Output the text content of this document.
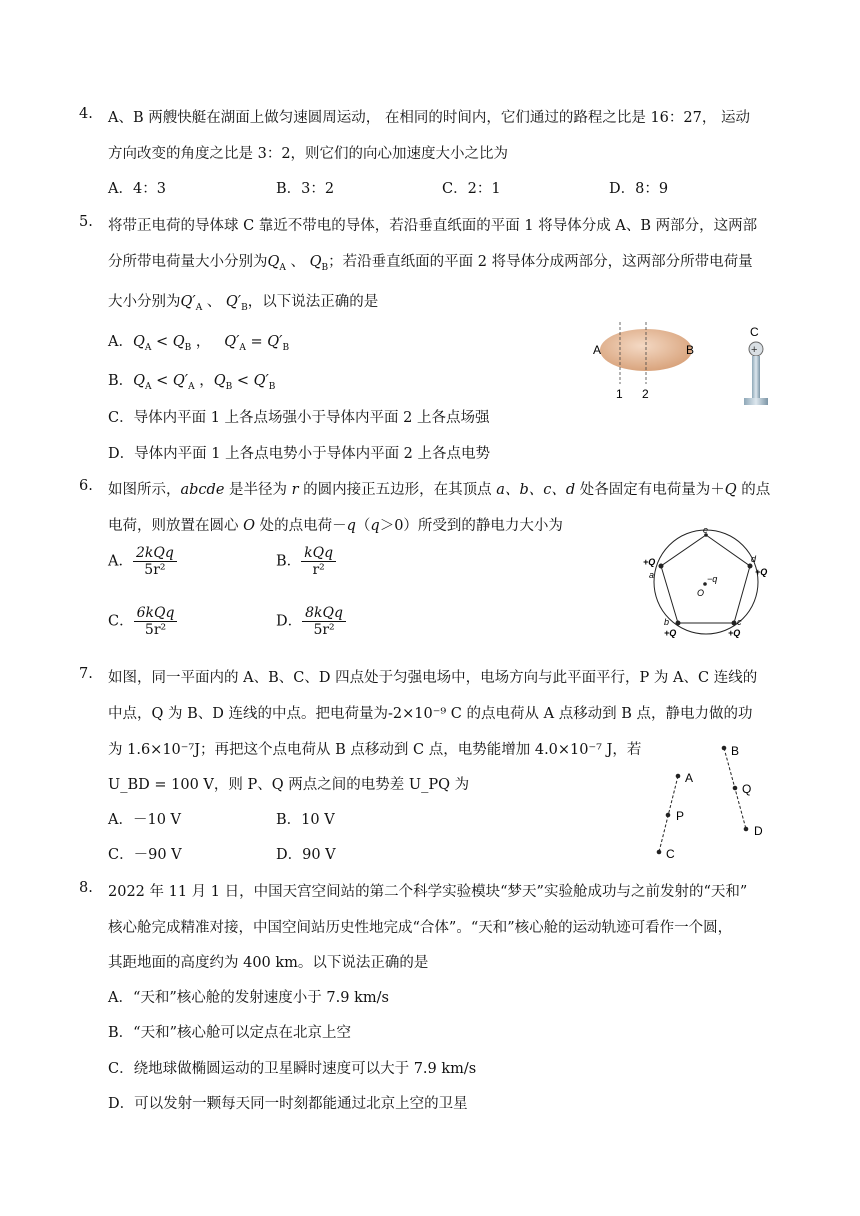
4. A、B 两艘快艇在湖面上做匀速圆周运动， 在相同的时间内，它们通过的路程之比是 16：27， 运动
方向改变的角度之比是 3：2，则它们的向心加速度大小之比为
A．4：3	B．3：2	C．2：1	D．8：9
5. 将带正电荷的导体球 C 靠近不带电的导体，若沿垂直纸面的平面 1 将导体分成 A、B 两部分，这两部
分所带电荷量大小分别为$Q_A$ 、 $Q_B$；若沿垂直纸面的平面 2 将导体分成两部分，这两部分所带电荷量
大小分别为$Q'_A$ 、 $Q'_B$，以下说法正确的是
A．$Q_A < Q_B$ ，   $Q'_A = Q'_B$
B．$Q_A < Q'_A$ ，$Q_B < Q'_B$
C．导体内平面 1 上各点场强小于导体内平面 2 上各点场强
D．导体内平面 1 上各点电势小于导体内平面 2 上各点电势
A	B
1 2
C
+
6. 如图所示，abcde 是半径为 r 的圆内接正五边形，在其顶点 a、b、c、d 处各固定有电荷量为＋Q 的点
电荷，则放置在圆心 O 处的点电荷－q（q＞0）所受到的静电力大小为
A． $\frac{\text{2kQq}}{\text{5r²}}$	B． $\frac{\text{kQq}}{\text{r²}}$
C． $\frac{\text{6kQq}}{\text{5r²}}$	D． $\frac{\text{8kQq}}{\text{5r²}}$
e
d
+Q
+Q
a
b
+Q
c
+Q
−q
O
7. 如图，同一平面内的 A、B、C、D 四点处于匀强电场中，电场方向与此平面平行，P 为 A、C 连线的
中点，Q 为 B、D 连线的中点。把电荷量为-2×10⁻⁹ C 的点电荷从 A 点移动到 B 点，静电力做的功
为 1.6×10⁻⁷J；再把这个点电荷从 B 点移动到 C 点，电势能增加 4.0×10⁻⁷ J，若
U_BD = 100 V，则 P、Q 两点之间的电势差 U_PQ 为
A．－10 V	B．10 V
C．－90 V	D．90 V
A
P
C
B
Q
D
8. 2022 年 11 月 1 日，中国天宫空间站的第二个科学实验模块“梦天”实验舱成功与之前发射的“天和”
核心舱完成精准对接，中国空间站历史性地完成“合体”。“天和”核心舱的运动轨迹可看作一个圆，
其距地面的高度约为 400 km。以下说法正确的是
A．“天和”核心舱的发射速度小于 7.9 km/s
B．“天和”核心舱可以定点在北京上空
C．绕地球做椭圆运动的卫星瞬时速度可以大于 7.9 km/s
D．可以发射一颗每天同一时刻都能通过北京上空的卫星
